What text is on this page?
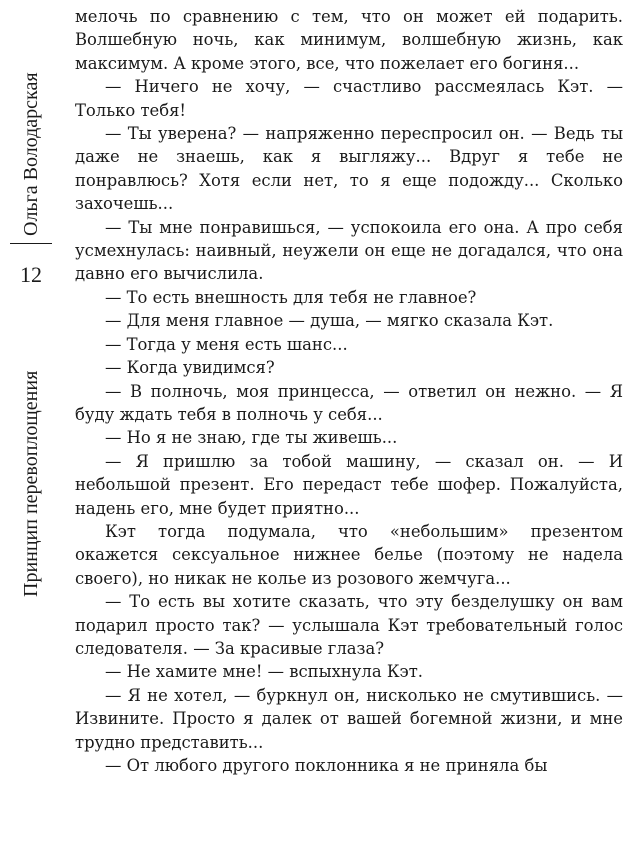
Ольга Володарская
12
Принцип перевоплощения

мелочь по сравнению с тем, что он может ей подарить. Волшебную ночь, как минимум, волшебную жизнь, как максимум. А кроме этого, все, что пожелает его богиня...

— Ничего не хочу, — счастливо рассмеялась Кэт. — Только тебя!

— Ты уверена? — напряженно переспросил он. — Ведь ты даже не знаешь, как я выгляжу... Вдруг я тебе не понравлюсь? Хотя если нет, то я еще подожду... Сколько захочешь...

— Ты мне понравишься, — успокоила его она. А про себя усмехнулась: наивный, неужели он еще не догадался, что она давно его вычислила.

— То есть внешность для тебя не главное?

— Для меня главное — душа, — мягко сказала Кэт.

— Тогда у меня есть шанс...

— Когда увидимся?

— В полночь, моя принцесса, — ответил он нежно. — Я буду ждать тебя в полночь у себя...

— Но я не знаю, где ты живешь...

— Я пришлю за тобой машину, — сказал он. — И небольшой презент. Его передаст тебе шофер. Пожалуйста, надень его, мне будет приятно...

Кэт тогда подумала, что «небольшим» презентом окажется сексуальное нижнее белье (поэтому не надела своего), но никак не колье из розового жемчуга...

— То есть вы хотите сказать, что эту безделушку он вам подарил просто так? — услышала Кэт требовательный голос следователя. — За красивые глаза?

— Не хамите мне! — вспыхнула Кэт.

— Я не хотел, — буркнул он, нисколько не смутившись. — Извините. Просто я далек от вашей богемной жизни, и мне трудно представить...

— От любого другого поклонника я не приняла бы
